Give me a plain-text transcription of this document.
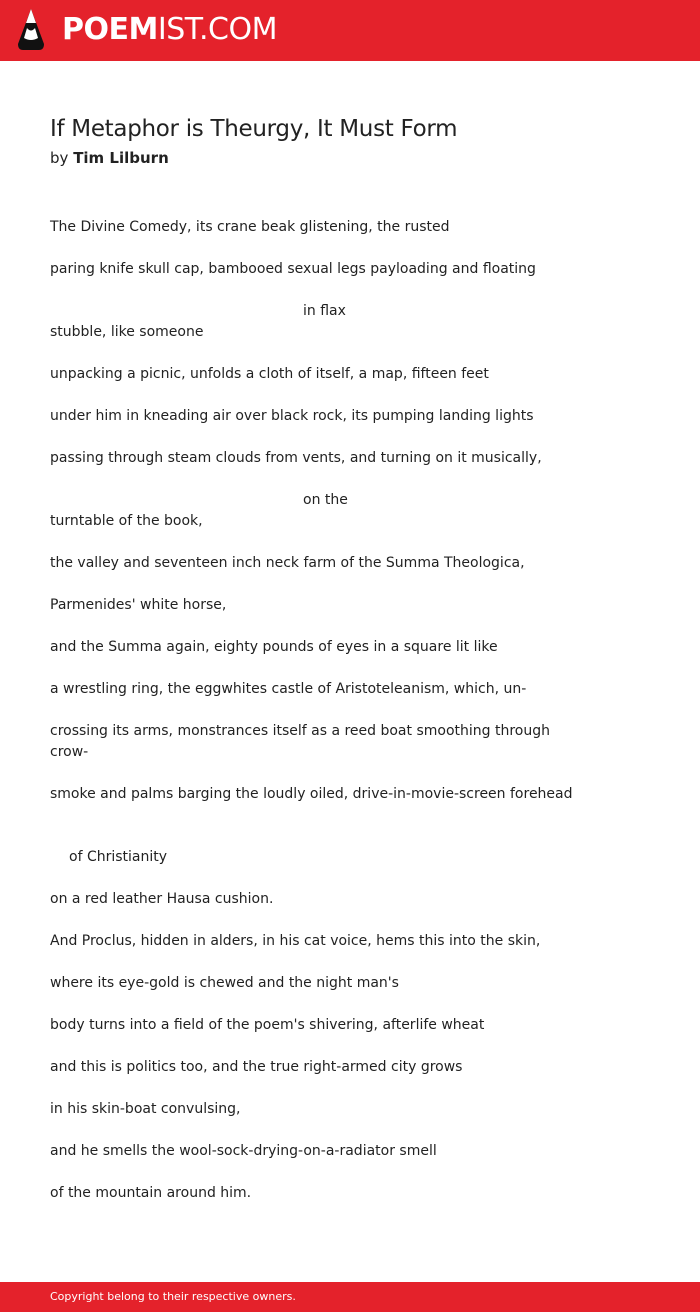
POEMIST.COM
If Metaphor is Theurgy, It Must Form
by Tim Lilburn

The Divine Comedy, its crane beak glistening, the rusted

paring knife skull cap, bambooed sexual legs payloading and floating

in flax
stubble, like someone

unpacking a picnic, unfolds a cloth of itself, a map, fifteen feet

under him in kneading air over black rock, its pumping landing lights

passing through steam clouds from vents, and turning on it musically,

on the
turntable of the book,

the valley and seventeen inch neck farm of the Summa Theologica,

Parmenides' white horse,

and the Summa again, eighty pounds of eyes in a square lit like

a wrestling ring, the eggwhites castle of Aristoteleanism, which, un-

crossing its arms, monstrances itself as a reed boat smoothing through
crow-

smoke and palms barging the loudly oiled, drive-in-movie-screen forehead

of Christianity

on a red leather Hausa cushion.

And Proclus, hidden in alders, in his cat voice, hems this into the skin,

where its eye-gold is chewed and the night man's

body turns into a field of the poem's shivering, afterlife wheat

and this is politics too, and the true right-armed city grows

in his skin-boat convulsing,

and he smells the wool-sock-drying-on-a-radiator smell

of the mountain around him.

Copyright belong to their respective owners.
